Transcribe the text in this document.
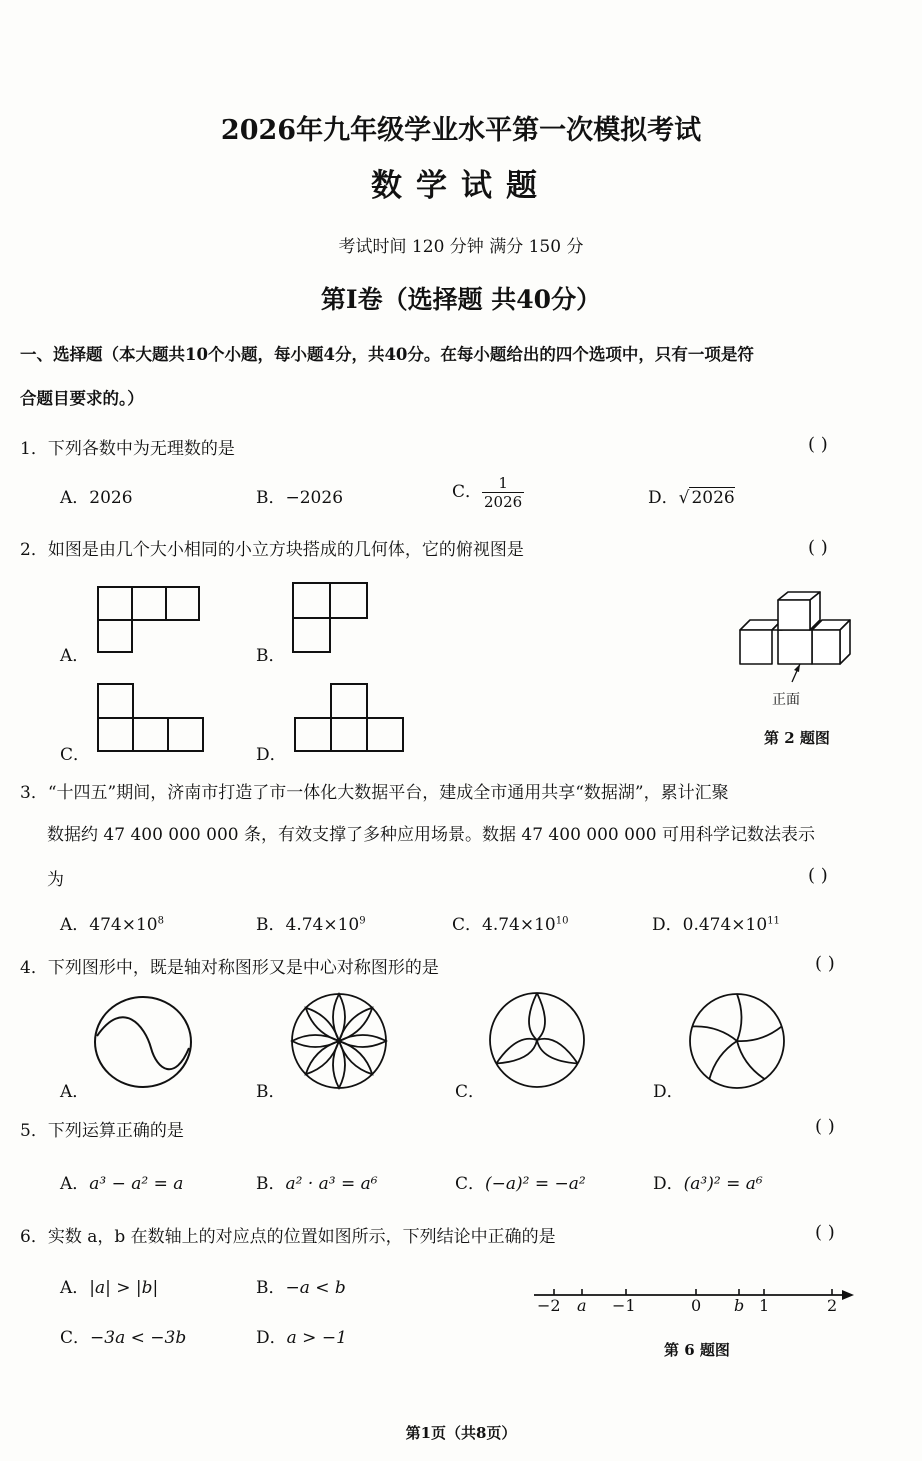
2026年九年级学业水平第一次模拟考试
数学试题
考试时间 120 分钟 满分 150 分
第I卷（选择题 共40分）
一、选择题（本大题共10个小题，每小题4分，共40分。在每小题给出的四个选项中，只有一项是符
合题目要求的。）
1．下列各数中为无理数的是	( )
A．2026	B．−2026	C． $\frac{1}{2026}$	D．√ 2026
2．如图是由几个大小相同的小立方块搭成的几何体，它的俯视图是	( )
A．	B．
C．	D．
正面
第 2 题图
3．“十四五”期间，济南市打造了市一体化大数据平台，建成全市通用共享“数据湖”，累计汇聚
数据约 47 400 000 000 条，有效支撑了多种应用场景。数据 47 400 000 000 可用科学记数法表示
为	( )
A．$474\times 10^8$	B．$4.74\times 10^9$	C．$4.74\times 10^{10}$	D．$0.474\times 10^{11}$
4．下列图形中，既是轴对称图形又是中心对称图形的是	( )
A．	B．	C．	D．
5．下列运算正确的是	( )
A．a³ − a² = a	B．a² · a³ = a⁶	C．(−a)² = −a²	D．(a³)² = a⁶
6．实数 a，b 在数轴上的对应点的位置如图所示，下列结论中正确的是	( )
A．|a| > |b|	B．−a < b
C．−3a < −3b	D．a > −1
−2 a −1	0 b 1	2
第 6 题图
第1页（共8页）
